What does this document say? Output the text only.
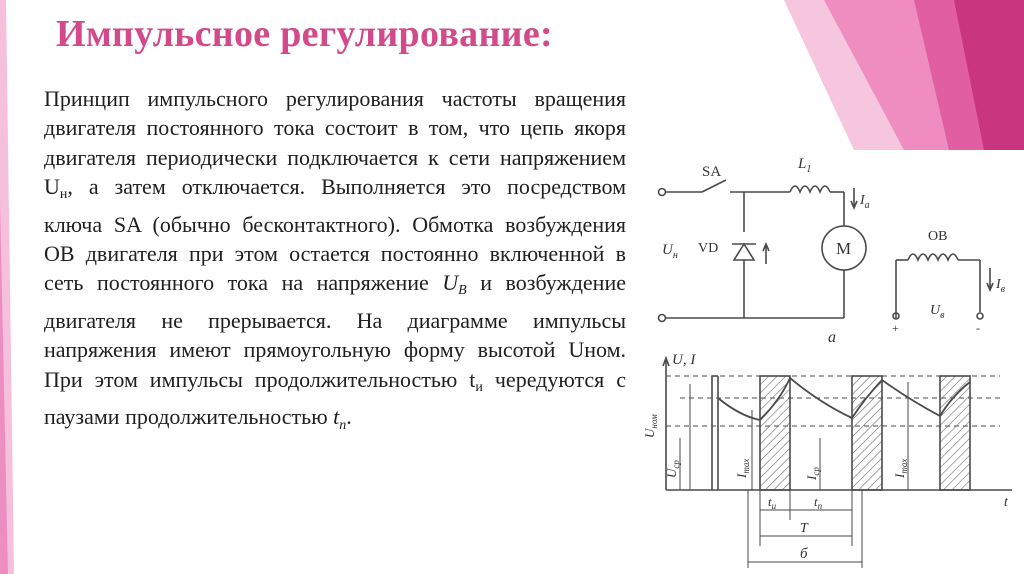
Импульсное регулирование:

Принцип импульсного регулирования частоты вращения двигателя постоянного тока состоит в том, что цепь якоря двигателя периодически подключается к сети напряжением $U_н$, а затем отключается. Выполняется это посредством ключа SA (обычно бесконтактного). Обмотка возбуждения ОВ двигателя при этом остается постоянно включенной в сеть постоянного тока на напряжение $U_B$ и возбуждение двигателя не прерывается. На диаграмме импульсы напряжения имеют прямоугольную форму высотой Uном. При этом импульсы продолжительностью $t_и$ чередуются с паузами продолжительностью $t_n$.

SA	$L_1$
$I_a$
$U_н$ VD	M
ОВ
$I_в$
$U_в$
+	-
а
U, I
t
$U_{ном}$
$U_{ср}$
$I_{max}$
$I_{ср}$
$I_{max}$
$t_и$	$t_п$
T
б
